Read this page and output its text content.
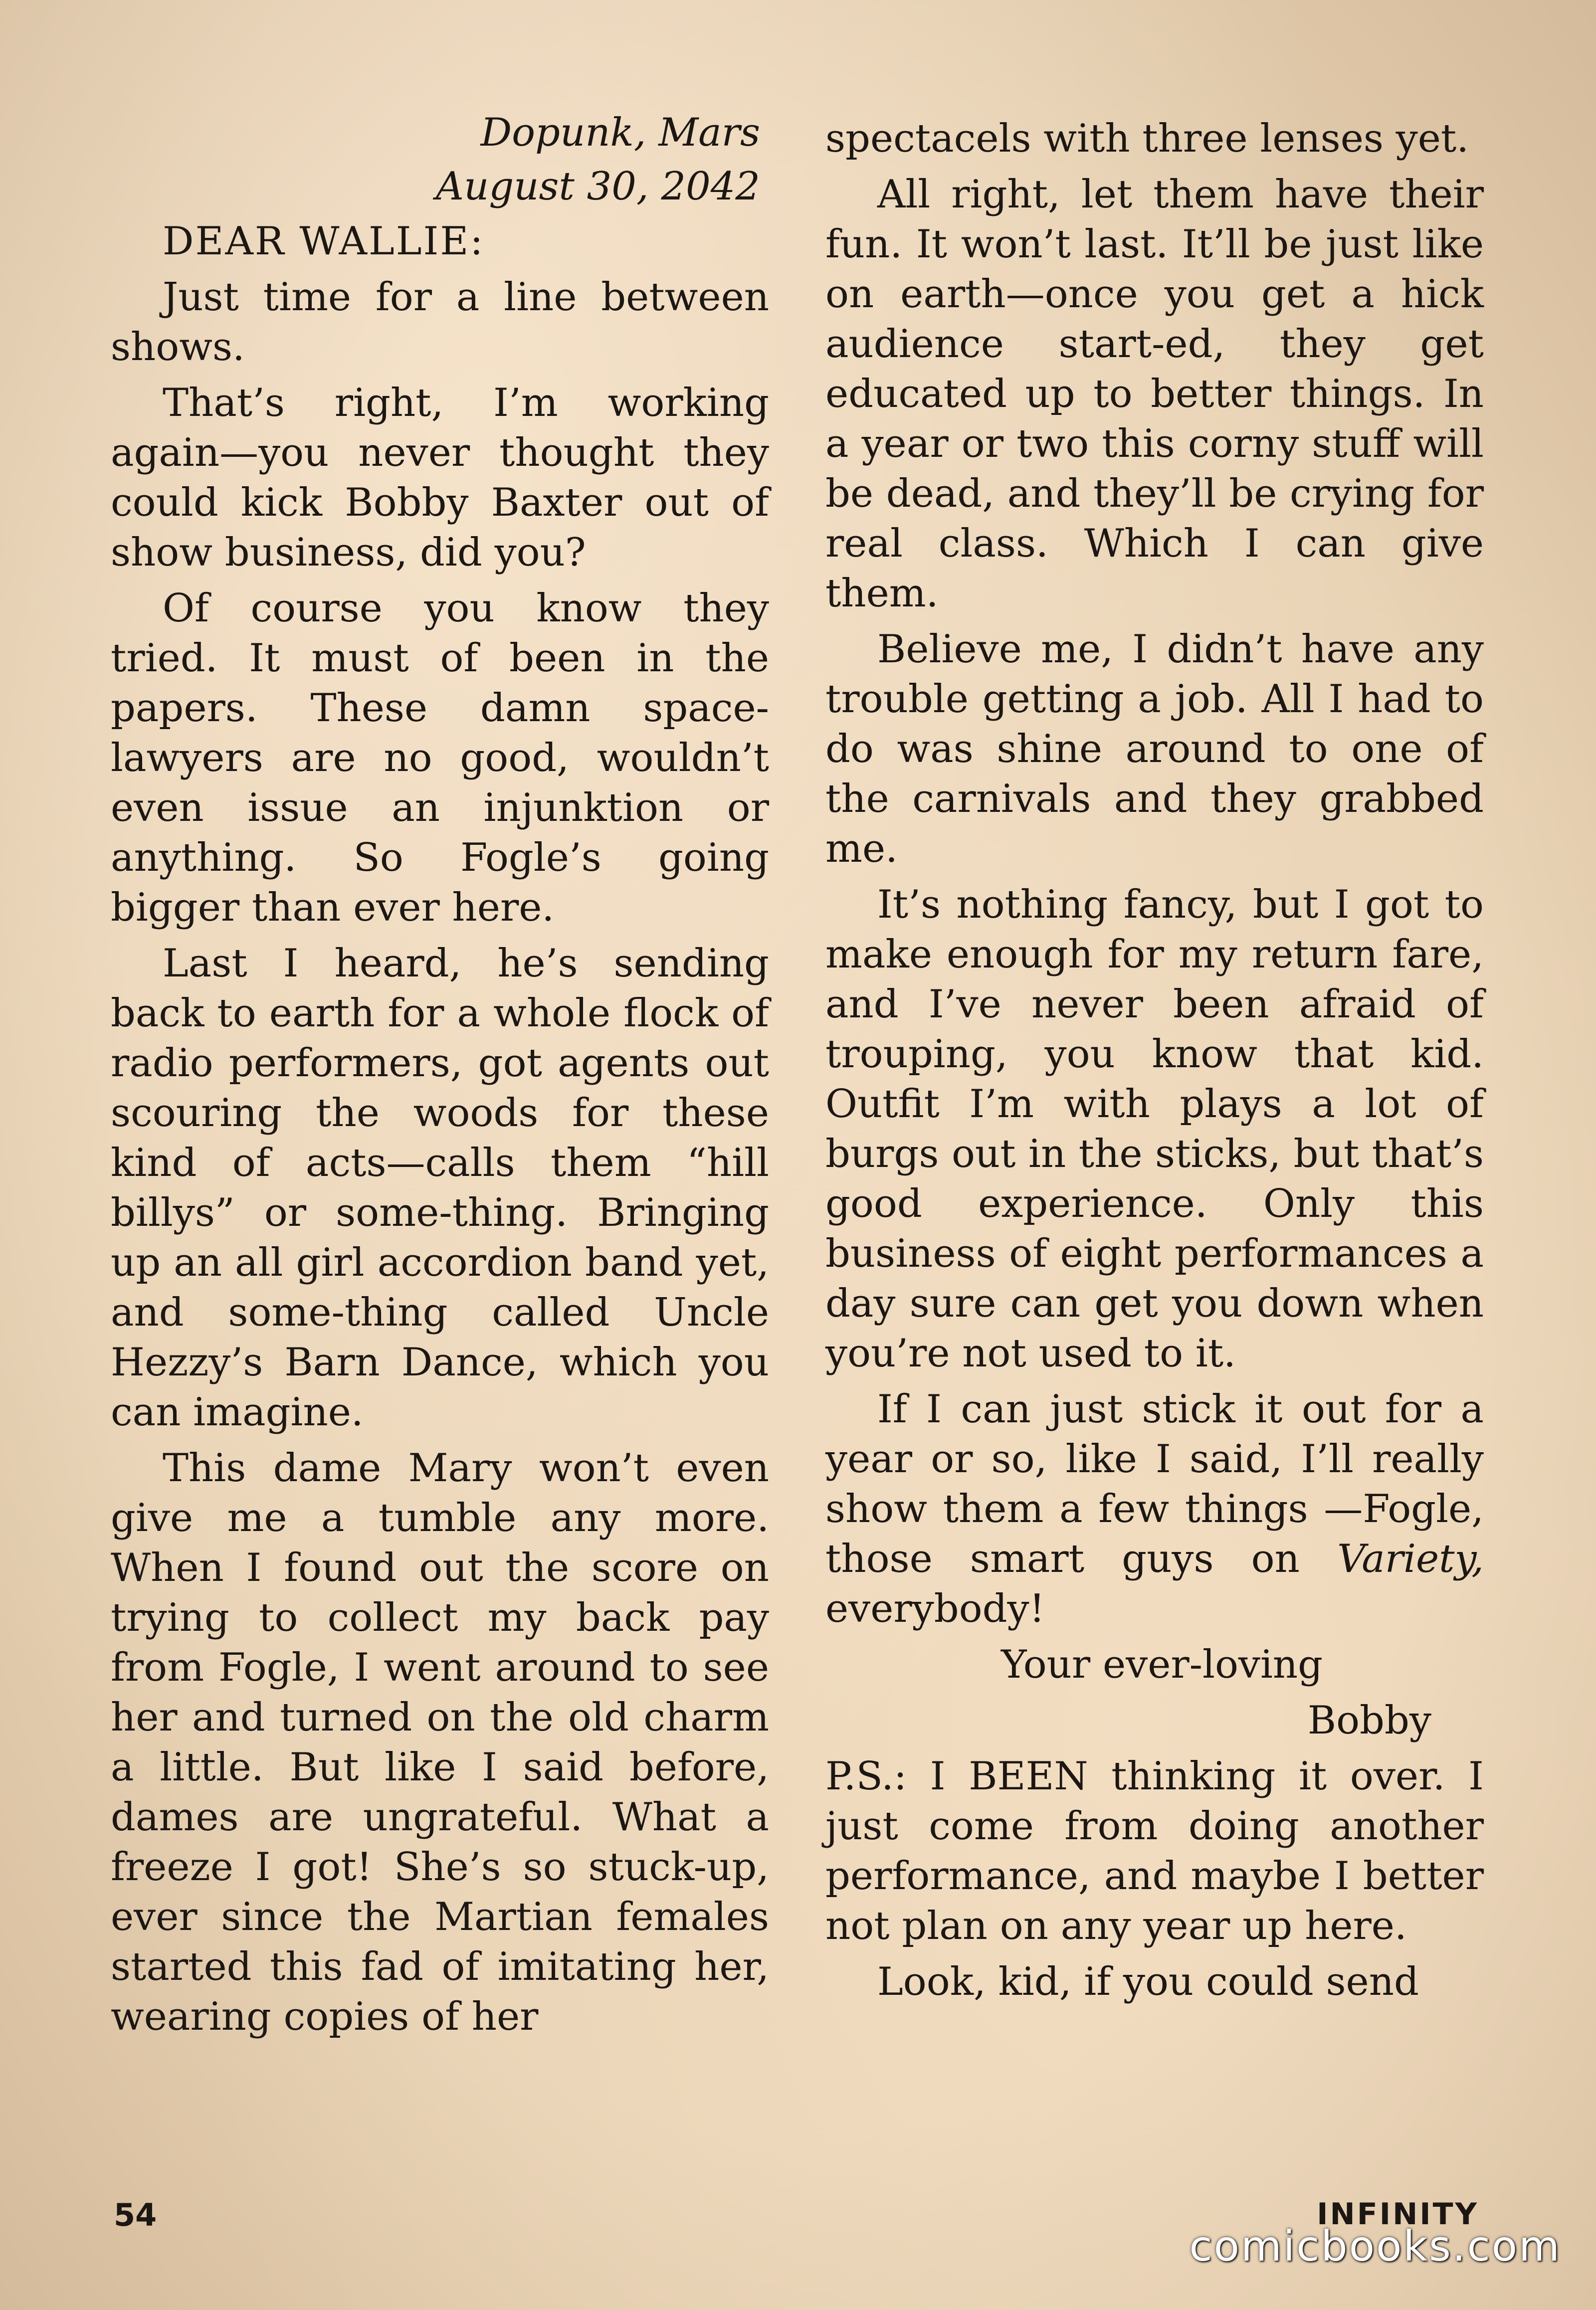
Dopunk, Mars

August 30, 2042

DEAR WALLIE:

Just time for a line between shows.

That’s right, I’m working again—you never thought they could kick Bobby Baxter out of show business, did you?

Of course you know they tried. It must of been in the papers. These damn space-lawyers are no good, wouldn’t even issue an injunktion or anything. So Fogle’s going bigger than ever here.

Last I heard, he’s sending back to earth for a whole flock of radio performers, got agents out scouring the woods for these kind of acts—calls them “hill billys” or some-thing. Bringing up an all girl accordion band yet, and some-thing called Uncle Hezzy’s Barn Dance, which you can imagine.

This dame Mary won’t even give me a tumble any more. When I found out the score on trying to collect my back pay from Fogle, I went around to see her and turned on the old charm a little. But like I said before, dames are ungrateful. What a freeze I got! She’s so stuck-up, ever since the Martian females started this fad of imitating her, wearing copies of her

spectacels with three lenses yet.

All right, let them have their fun. It won’t last. It’ll be just like on earth—once you get a hick audience start-ed, they get educated up to better things. In a year or two this corny stuff will be dead, and they’ll be crying for real class. Which I can give them.

Believe me, I didn’t have any trouble getting a job. All I had to do was shine around to one of the carnivals and they grabbed me.

It’s nothing fancy, but I got to make enough for my return fare, and I’ve never been afraid of trouping, you know that kid. Outfit I’m with plays a lot of burgs out in the sticks, but that’s good experience. Only this business of eight performances a day sure can get you down when you’re not used to it.

If I can just stick it out for a year or so, like I said, I’ll really show them a few things —Fogle, those smart guys on Variety, everybody!

Your ever-loving

Bobby

P.S.: I BEEN thinking it over. I just come from doing another performance, and maybe I better not plan on any year up here.

Look, kid, if you could send

54	INFINITY
comicbooks.com
